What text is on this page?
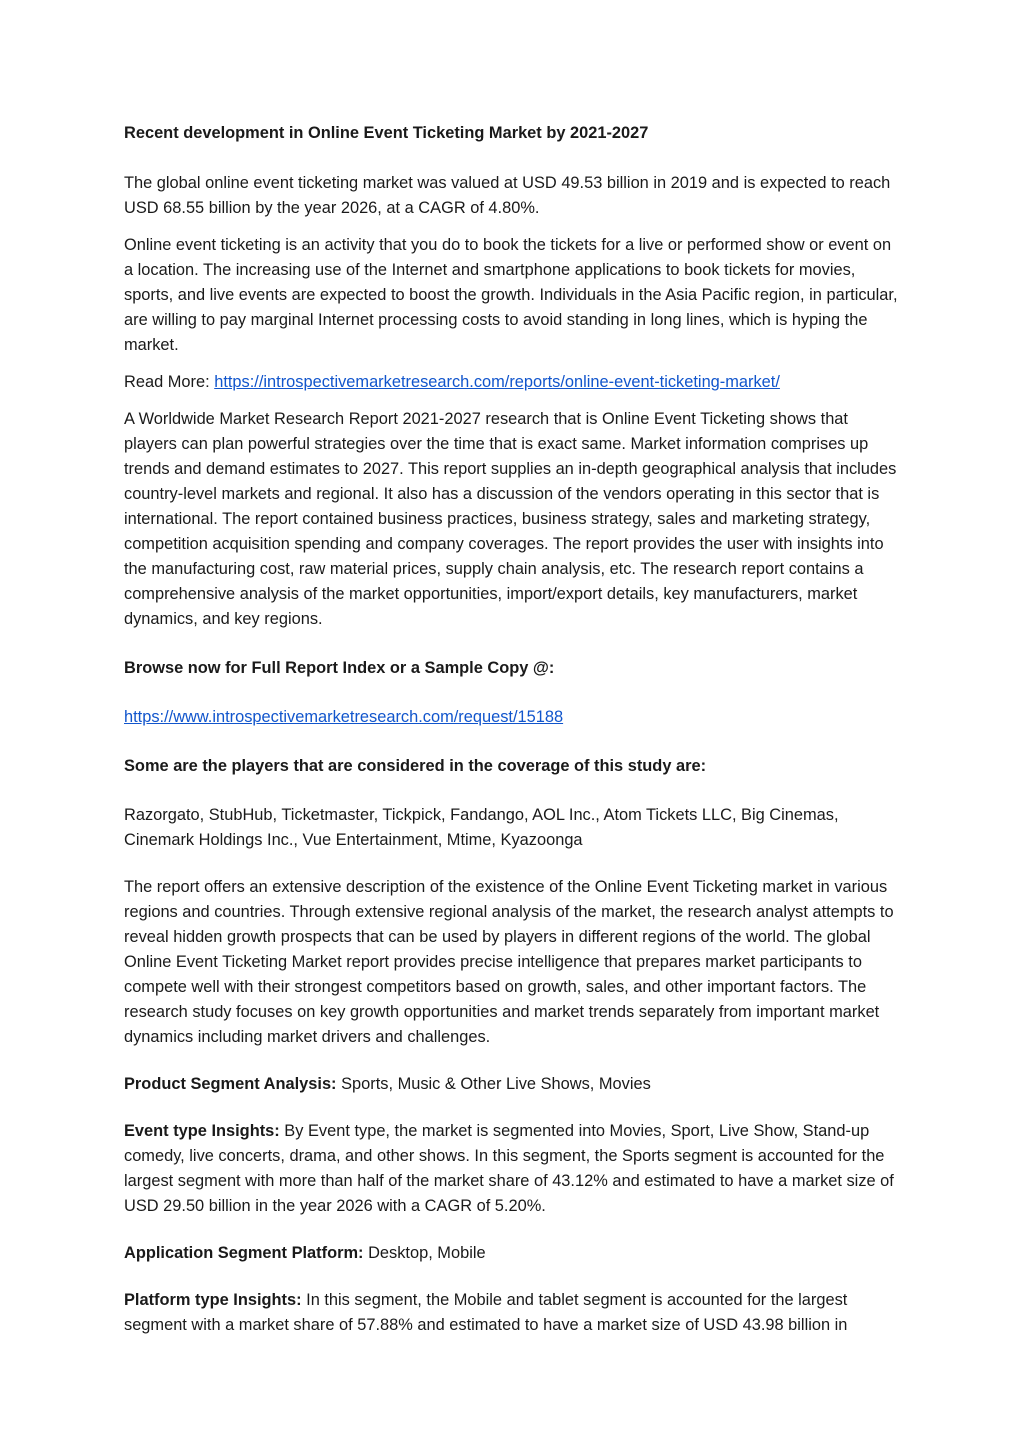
Recent development in Online Event Ticketing Market by 2021-2027

The global online event ticketing market was valued at USD 49.53 billion in 2019 and is expected to reach USD 68.55 billion by the year 2026, at a CAGR of 4.80%.

Online event ticketing is an activity that you do to book the tickets for a live or performed show or event on a location. The increasing use of the Internet and smartphone applications to book tickets for movies, sports, and live events are expected to boost the growth. Individuals in the Asia Pacific region, in particular, are willing to pay marginal Internet processing costs to avoid standing in long lines, which is hyping the market.

Read More: https://introspectivemarketresearch.com/reports/online-event-ticketing-market/

A Worldwide Market Research Report 2021-2027 research that is Online Event Ticketing shows that players can plan powerful strategies over the time that is exact same. Market information comprises up trends and demand estimates to 2027. This report supplies an in-depth geographical analysis that includes country-level markets and regional. It also has a discussion of the vendors operating in this sector that is international. The report contained business practices, business strategy, sales and marketing strategy, competition acquisition spending and company coverages. The report provides the user with insights into the manufacturing cost, raw material prices, supply chain analysis, etc. The research report contains a comprehensive analysis of the market opportunities, import/export details, key manufacturers, market dynamics, and key regions.

Browse now for Full Report Index or a Sample Copy @:

https://www.introspectivemarketresearch.com/request/15188

Some are the players that are considered in the coverage of this study are:

Razorgato, StubHub, Ticketmaster, Tickpick, Fandango, AOL Inc., Atom Tickets LLC, Big Cinemas, Cinemark Holdings Inc., Vue Entertainment, Mtime, Kyazoonga

The report offers an extensive description of the existence of the Online Event Ticketing market in various regions and countries. Through extensive regional analysis of the market, the research analyst attempts to reveal hidden growth prospects that can be used by players in different regions of the world. The global Online Event Ticketing Market report provides precise intelligence that prepares market participants to compete well with their strongest competitors based on growth, sales, and other important factors. The research study focuses on key growth opportunities and market trends separately from important market dynamics including market drivers and challenges.

Product Segment Analysis: Sports, Music & Other Live Shows, Movies

Event type Insights: By Event type, the market is segmented into Movies, Sport, Live Show, Stand-up comedy, live concerts, drama, and other shows. In this segment, the Sports segment is accounted for the largest segment with more than half of the market share of 43.12% and estimated to have a market size of USD 29.50 billion in the year 2026 with a CAGR of 5.20%.

Application Segment Platform: Desktop, Mobile

Platform type Insights: In this segment, the Mobile and tablet segment is accounted for the largest segment with a market share of 57.88% and estimated to have a market size of USD 43.98 billion in
